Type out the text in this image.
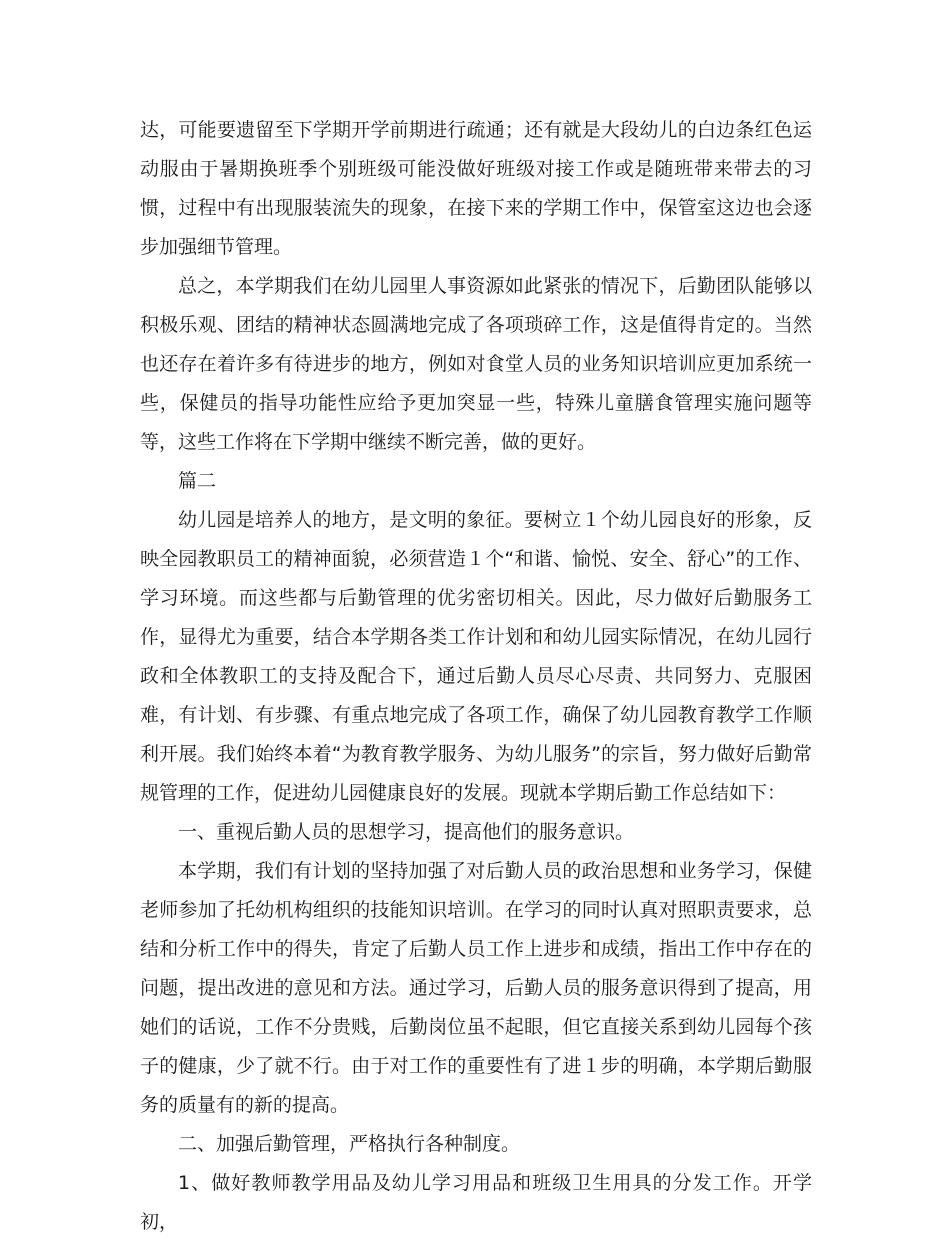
达，可能要遗留至下学期开学前期进行疏通；还有就是大段幼儿的白边条红色运动服由于暑期换班季个别班级可能没做好班级对接工作或是随班带来带去的习惯，过程中有出现服装流失的现象，在接下来的学期工作中，保管室这边也会逐步加强细节管理。

总之，本学期我们在幼儿园里人事资源如此紧张的情况下，后勤团队能够以积极乐观、团结的精神状态圆满地完成了各项琐碎工作，这是值得肯定的。当然也还存在着许多有待进步的地方，例如对食堂人员的业务知识培训应更加系统一些，保健员的指导功能性应给予更加突显一些，特殊儿童膳食管理实施问题等等，这些工作将在下学期中继续不断完善，做的更好。

篇二

幼儿园是培养人的地方，是文明的象征。要树立１个幼儿园良好的形象，反映全园教职员工的精神面貌，必须营造１个“和谐、愉悦、安全、舒心”的工作、学习环境。而这些都与后勤管理的优劣密切相关。因此，尽力做好后勤服务工作，显得尤为重要，结合本学期各类工作计划和和幼儿园实际情况，在幼儿园行政和全体教职工的支持及配合下，通过后勤人员尽心尽责、共同努力、克服困难，有计划、有步骤、有重点地完成了各项工作，确保了幼儿园教育教学工作顺利开展。我们始终本着“为教育教学服务、为幼儿服务”的宗旨，努力做好后勤常规管理的工作，促进幼儿园健康良好的发展。现就本学期后勤工作总结如下：

一、重视后勤人员的思想学习，提高他们的服务意识。

本学期，我们有计划的坚持加强了对后勤人员的政治思想和业务学习，保健老师参加了托幼机构组织的技能知识培训。在学习的同时认真对照职责要求，总结和分析工作中的得失，肯定了后勤人员工作上进步和成绩，指出工作中存在的问题，提出改进的意见和方法。通过学习，后勤人员的服务意识得到了提高，用她们的话说，工作不分贵贱，后勤岗位虽不起眼，但它直接关系到幼儿园每个孩子的健康，少了就不行。由于对工作的重要性有了进１步的明确，本学期后勤服务的质量有的新的提高。

二、加强后勤管理，严格执行各种制度。

1、做好教师教学用品及幼儿学习用品和班级卫生用具的分发工作。开学初，
